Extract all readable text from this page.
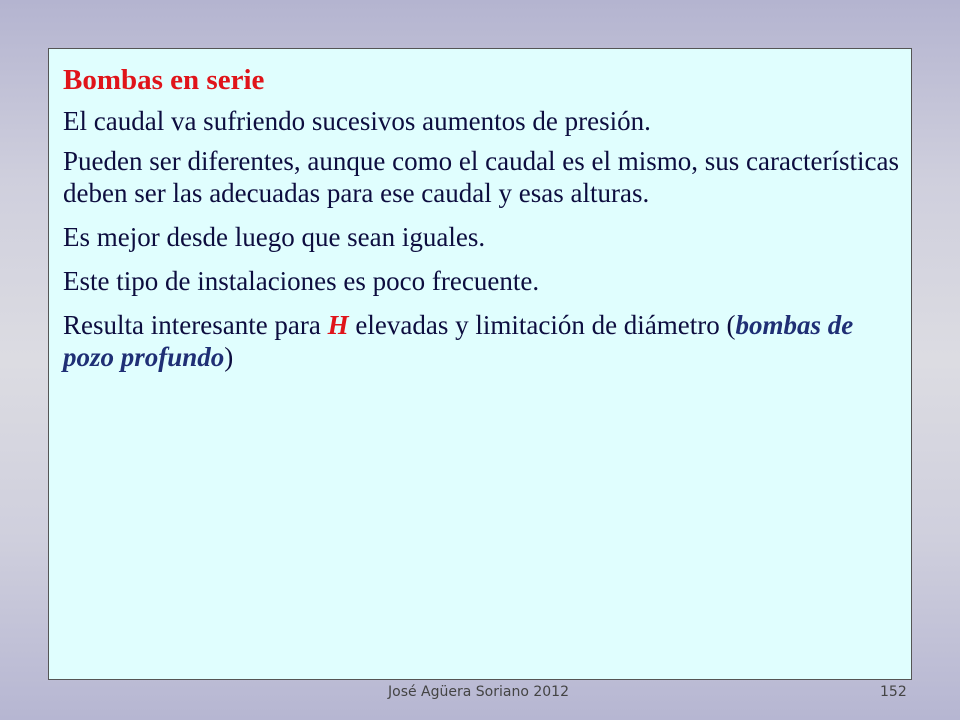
Bombas en serie
El caudal va sufriendo sucesivos aumentos de presión.
Pueden ser diferentes, aunque como el caudal es el mismo, sus características deben ser las adecuadas para ese caudal y esas alturas.
Es mejor desde luego que sean iguales.
Este tipo de instalaciones es poco frecuente.
Resulta interesante para H elevadas y limitación de diámetro (bombas de pozo profundo)
José Agüera Soriano 2012	152
